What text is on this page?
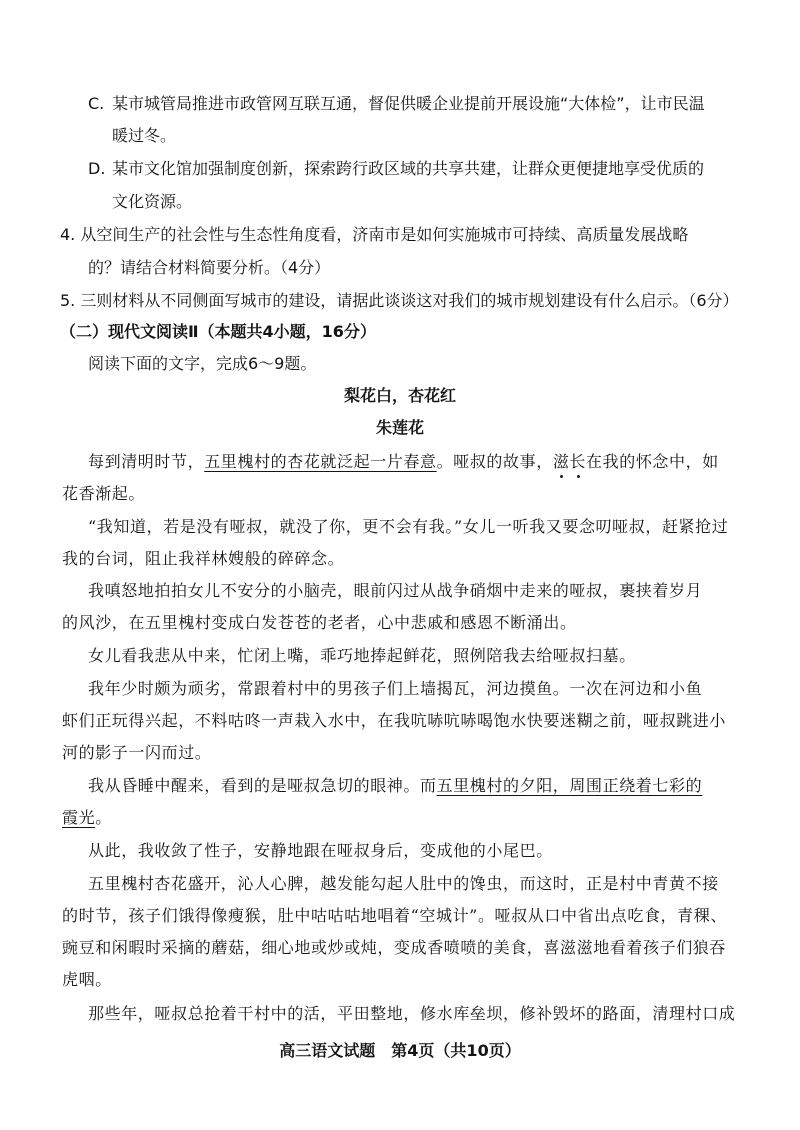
C. 某市城管局推进市政管网互联互通，督促供暖企业提前开展设施“大体检”，让市民温
暖过冬。
D. 某市文化馆加强制度创新，探索跨行政区域的共享共建，让群众更便捷地享受优质的
文化资源。
4. 从空间生产的社会性与生态性角度看，济南市是如何实施城市可持续、高质量发展战略
的？请结合材料简要分析。（4分）
5. 三则材料从不同侧面写城市的建设，请据此谈谈这对我们的城市规划建设有什么启示。（6分）
（二）现代文阅读Ⅱ（本题共4小题，16分）
阅读下面的文字，完成6～9题。
梨花白，杏花红
朱莲花
每到清明时节，五里槐村的杏花就泛起一片春意。哑叔的故事，滋长在我的怀念中，如
花香渐起。
“我知道，若是没有哑叔，就没了你，更不会有我。”女儿一听我又要念叨哑叔，赶紧抢过
我的台词，阻止我祥林嫂般的碎碎念。
我嗔怒地拍拍女儿不安分的小脑壳，眼前闪过从战争硝烟中走来的哑叔，裹挟着岁月
的风沙，在五里槐村变成白发苍苍的老者，心中悲戚和感恩不断涌出。
女儿看我悲从中来，忙闭上嘴，乖巧地捧起鲜花，照例陪我去给哑叔扫墓。
我年少时颇为顽劣，常跟着村中的男孩子们上墙揭瓦，河边摸鱼。一次在河边和小鱼
虾们正玩得兴起，不料咕咚一声栽入水中，在我吭哧吭哧喝饱水快要迷糊之前，哑叔跳进小
河的影子一闪而过。
我从昏睡中醒来，看到的是哑叔急切的眼神。而五里槐村的夕阳，周围正绕着七彩的
霞光。
从此，我收敛了性子，安静地跟在哑叔身后，变成他的小尾巴。
五里槐村杏花盛开，沁人心脾，越发能勾起人肚中的馋虫，而这时，正是村中青黄不接
的时节，孩子们饿得像瘦猴，肚中咕咕咕地唱着“空城计”。哑叔从口中省出点吃食，青稞、
豌豆和闲暇时采摘的蘑菇，细心地或炒或炖，变成香喷喷的美食，喜滋滋地看着孩子们狼吞
虎咽。
那些年，哑叔总抢着干村中的活，平田整地，修水库垒坝，修补毁坏的路面，清理村口成
高三语文试题　第4页（共10页）
